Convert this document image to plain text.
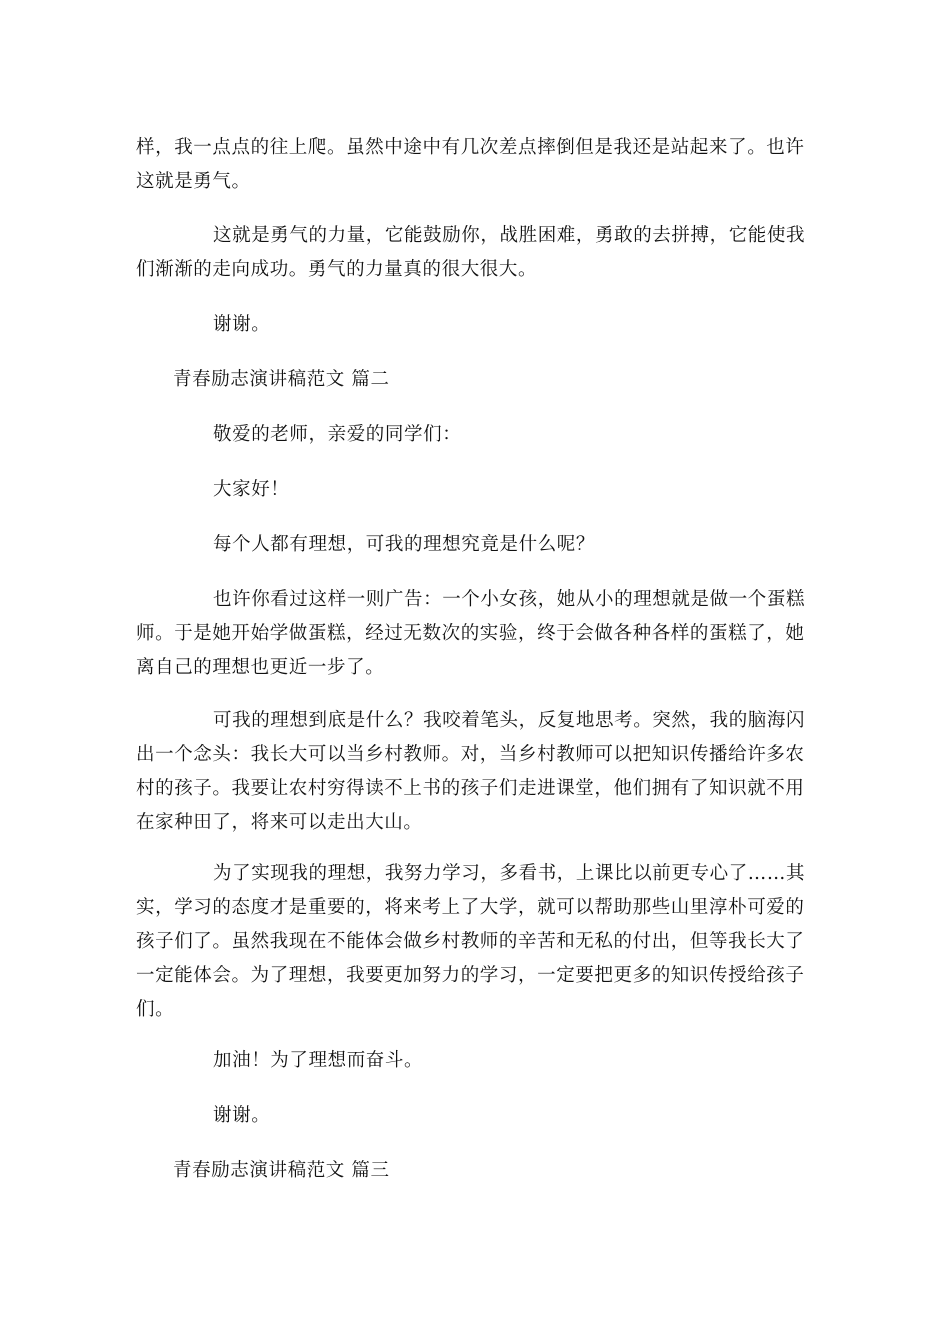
样，我一点点的往上爬。虽然中途中有几次差点摔倒但是我还是站起来了。也许
这就是勇气。
这就是勇气的力量，它能鼓励你，战胜困难，勇敢的去拼搏，它能使我
们渐渐的走向成功。勇气的力量真的很大很大。
谢谢。
青春励志演讲稿范文 篇二
敬爱的老师，亲爱的同学们：
大家好！
每个人都有理想，可我的理想究竟是什么呢？
也许你看过这样一则广告：一个小女孩，她从小的理想就是做一个蛋糕
师。于是她开始学做蛋糕，经过无数次的实验，终于会做各种各样的蛋糕了，她
离自己的理想也更近一步了。
可我的理想到底是什么？我咬着笔头，反复地思考。突然，我的脑海闪
出一个念头：我长大可以当乡村教师。对，当乡村教师可以把知识传播给许多农
村的孩子。我要让农村穷得读不上书的孩子们走进课堂，他们拥有了知识就不用
在家种田了，将来可以走出大山。
为了实现我的理想，我努力学习，多看书，上课比以前更专心了……其
实，学习的态度才是重要的，将来考上了大学，就可以帮助那些山里淳朴可爱的
孩子们了。虽然我现在不能体会做乡村教师的辛苦和无私的付出，但等我长大了
一定能体会。为了理想，我要更加努力的学习，一定要把更多的知识传授给孩子
们。
加油！为了理想而奋斗。
谢谢。
青春励志演讲稿范文 篇三
